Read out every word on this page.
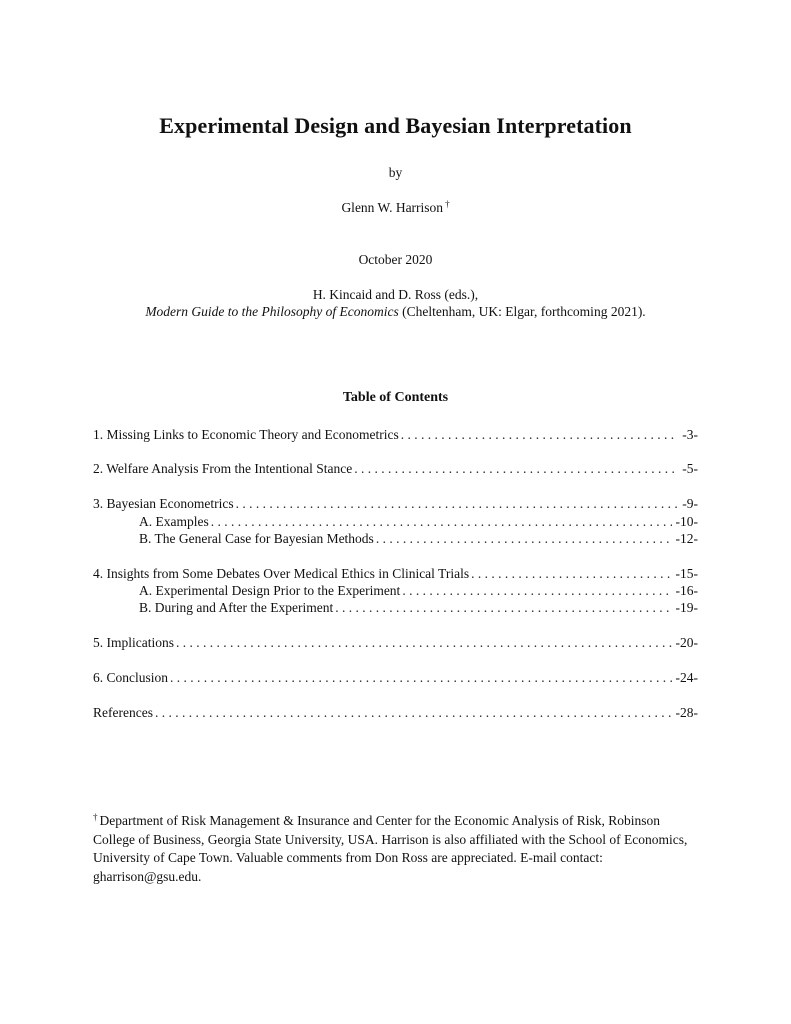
Experimental Design and Bayesian Interpretation
by
Glenn W. Harrison †
October 2020
H. Kincaid and D. Ross (eds.),
Modern Guide to the Philosophy of Economics (Cheltenham, UK: Elgar, forthcoming 2021).
Table of Contents
1. Missing Links to Economic Theory and Econometrics . . .	-3-
2. Welfare Analysis From the Intentional Stance . . .	-5-
3. Bayesian Econometrics . . .	-9-
A. Examples . . .	-10-
B. The General Case for Bayesian Methods . . .	-12-
4. Insights from Some Debates Over Medical Ethics in Clinical Trials . . .	-15-
A. Experimental Design Prior to the Experiment . . .	-16-
B. During and After the Experiment . . .	-19-
5. Implications . . .	-20-
6. Conclusion . . .	-24-
References . . .	-28-
† Department of Risk Management & Insurance and Center for the Economic Analysis of Risk, Robinson College of Business, Georgia State University, USA. Harrison is also affiliated with the School of Economics, University of Cape Town. Valuable comments from Don Ross are appreciated. E-mail contact: gharrison@gsu.edu.
